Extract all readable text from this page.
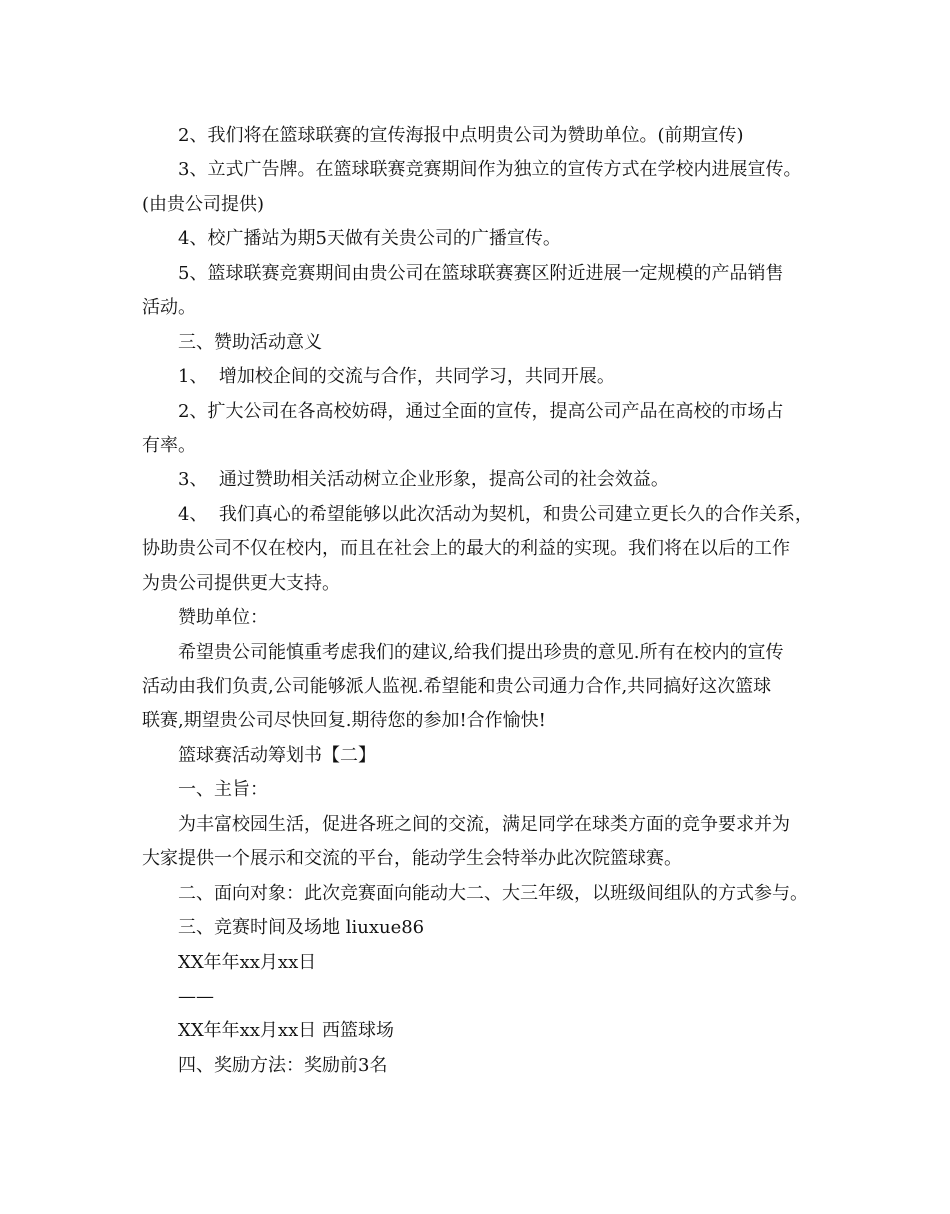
2、我们将在篮球联赛的宣传海报中点明贵公司为赞助单位。(前期宣传)
3、立式广告牌。在篮球联赛竞赛期间作为独立的宣传方式在学校内进展宣传。
(由贵公司提供)
4、校广播站为期5天做有关贵公司的广播宣传。
5、篮球联赛竞赛期间由贵公司在篮球联赛赛区附近进展一定规模的产品销售
活动。
三、赞助活动意义
1、  增加校企间的交流与合作，共同学习，共同开展。
2、扩大公司在各高校妨碍，通过全面的宣传，提高公司产品在高校的市场占
有率。
3、  通过赞助相关活动树立企业形象，提高公司的社会效益。
4、  我们真心的希望能够以此次活动为契机，和贵公司建立更长久的合作关系，
协助贵公司不仅在校内，而且在社会上的最大的利益的实现。我们将在以后的工作
为贵公司提供更大支持。
赞助单位：
希望贵公司能慎重考虑我们的建议,给我们提出珍贵的意见.所有在校内的宣传
活动由我们负责,公司能够派人监视.希望能和贵公司通力合作,共同搞好这次篮球
联赛,期望贵公司尽快回复.期待您的参加!合作愉快!
篮球赛活动筹划书【二】
一、主旨：
为丰富校园生活，促进各班之间的交流，满足同学在球类方面的竞争要求并为
大家提供一个展示和交流的平台，能动学生会特举办此次院篮球赛。
二、面向对象：此次竞赛面向能动大二、大三年级，以班级间组队的方式参与。
三、竞赛时间及场地 liuxue86
XX年年xx月xx日
——
XX年年xx月xx日 西篮球场
四、奖励方法：奖励前3名
